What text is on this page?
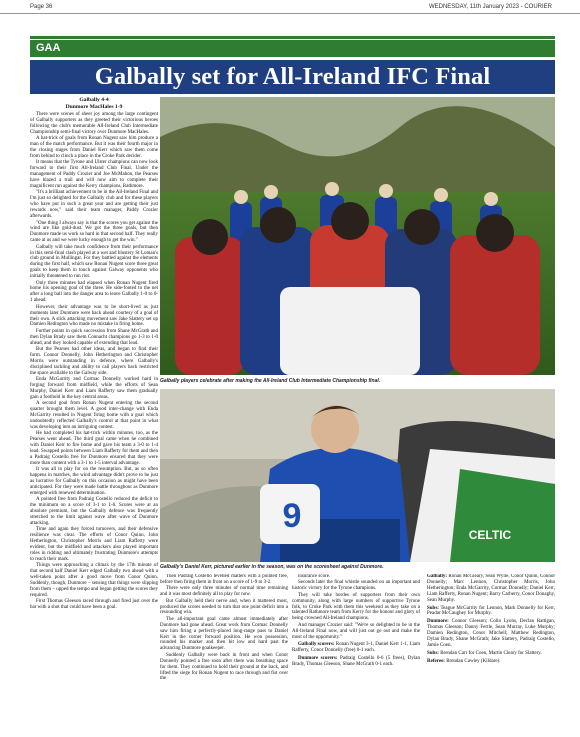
Page 36	WEDNESDAY, 11th January 2023 - COURIER
GAA
Galbally set for All-Ireland IFC Final
Galbally 4-4
Dunmore MacHales 1-9

There were scenes of sheer joy among the large contingent of Galbally supporters as they greeted their victorious heroes following the club's memorable All-Ireland Club Intermediate Championship semi-final victory over Dunmore MacHales.

A hat-trick of goals from Ronan Nugent saw him produce a man of the match performance. But it was their fourth major in the closing stages from Daniel Kerr which saw them come from behind to clinch a place in the Croke Park decider.

It means that the Tyrone and Ulster champions can now look forward to their first All-Ireland Club Final. Under the management of Paddy Crozier and Joe McMahon, the Pearses have blazed a trail and will now aim to complete their magnificent run against the Kerry champions, Rathmore.

"It's a brilliant achievement to be in the All-Ireland Final and I'm just so delighted for the Galbally club and for these players who have put in such a great year and are getting their just rewards now," said their team manager, Paddy Crozier afterwards.

"One thing I always say is that the scores you get against the wind are like gold-dust. We got the three goals, but then Dunmore made us work so hard in that second half. They really came at us and we were lucky enough to get the win."

Galbally will take much confidence from their performance in this semi-final clash played at a wet and blustery St Loman's club ground in Mullingar. For they battled against the elements during the first half, which saw Ronan Nugent score three great goals to keep them in touch against Galway opponents who initially threatened to run riot.

Only three minutes had elapsed when Ronan Nugent fired home his opening goal of the three. He side-footed to the net after a long ball into the danger area to leave Galbally 1-0 to 0-1 ahead.

However, their advantage was to be short-lived as just moments later Dunmore were back ahead courtesy of a goal of their own. A slick attacking movement saw Jake Slattery set up Damien Redington who made no mistake in firing home.

Further points in quick succession from Shane McGrath and then Dylan Brady saw them Connacht champions go 1-3 to 1-0 ahead, and they looked capable of extending that lead.

But the Pearses had other ideas, and began to find their form. Connor Donnelly, John Hetherington and Christopher Morris were outstanding in defence, where Galbally's disciplined tackling and ability to call players back restricted the space available to the Galway side.

Enda McGarrity and Cormac Donnelly worked hard in forging forward from midfield, while the efforts of Sean Murphy, Daniel Kerr and Liam Rafferty saw them gradually gain a foothold in the key central areas.

A second goal from Ronan Nugent entering the second quarter brought them level. A good inter-change with Enda McGarrity resulted in Nugent firing home with a goal which undoubtedly reflected Galbally's control at that point in what was developing into an intriguing contest.

He had completed his hat-trick within minutes, too, as the Pearses went ahead. The third goal came when he combined with Daniel Kerr to fire home and gave his team a 3-0 to 1-4 lead. Swapped points between Liam Rafferty for them and then a Padraig Costello free for Dunmore ensured that they were more than content with a 3-1 to 1-5 interval advantage.

It was all to play for on the resumption. But, as so often happens in matches, the wind advantage didn't prove to be just as lucrative for Galbally on this occasion as might have been anticipated. For they were made battle throughout as Dunmore emerged with renewed determination.

A pointed free from Padraig Costello reduced the deficit to the minimum on a score of 3-1 to 1-6. Scores were at an absolute premium, but the Galbally defence was frequently stretched to the limit against wave after wave of Dunmore attacking.

Time and again they forced turnovers, and their defensive resilience was clear. The efforts of Conor Quinn, John Hetherington, Christopher Morris and Liam Rafferty were evident, but the midfield and attackers also played important roles in ridding and ultimately frustrating Dunmore's attempts to reach their mark.

Things were approaching a climax by the 17th minute of that second half Daniel Kerr edged Galbally two ahead with a well-taken point after a good move from Conor Quinn. Suddenly, though, Dunmore – sensing that things were slipping from them – upped the tempo and began getting the scores they required.

First Thomas Gleeson raced through and fired just over the bar with a shot that could have been a goal.

Galbally players celebrate after making the All-Ireland Club Intermediate Championship final.
9	CELTIC
Galbally's Daniel Kerr, pictured earlier in the season, was on the scoresheet against Dunmore.

Then Padraig Costello levelled matters with a pointed free, before then firing them in front on a score of 1-9 to 3-2.

There were only three minutes of normal time remaining and it was most definitely all to play for now.

But Galbally held their nerve and, when it mattered most, produced the scores needed to turn that one point deficit into a resounding win.

The all-important goal came almost immediately after Dunmore had gone ahead. Great work from Cormac Donnelly saw him firing a perfectly-placed long-range pass to Daniel Kerr in the corner forward position. He won possession, rounded his marker and then hit low and hard past the advancing Dunmore goalkeeper.

Suddenly Galbally were back in front and when Conor Donnelly pointed a free soon after there was breathing space for them. They continued to hold their ground at the back, and lifted the siege for Ronan Nugent to race through and fist over the

insurance score.

Seconds later the final whistle sounded on an important and historic victory for the Tyrone champions.

They will take hordes of supporters from their own community, along with large numbers of supportive Tyrone folk, to Croke Park with them this weekend as they take on a talented Rathmore team from Kerry for the honour and glory of being crowned All-Ireland champions.

And manager Crozier said: "We're so delighted to be in the All-Ireland Final now, and will just out go out and make the most of the opportunity."

Galbally scorers: Ronan Nugent 3-1, Daniel Kerr 1-1, Liam Rafferty, Conor Donnelly (free) 0-1 each.

Dunmore scorers: Padraig Costello 0-6 (5 frees), Dylan Brady, Thomas Gleeson, Shane McGrath 0-1 each.

Galbally: Ronan McGleary, Sean Wylie, Conor Quinn, Connor Donnelly; Marc Lennon, Christopher Morris, John Hetherington; Enda McGarrity, Cormac Donnelly; Daniel Kerr, Liam Rafferty, Ronan Nugent; Barry Carberry, Conor Donaghy, Sean Murphy.

Subs: Teague McGarrity for Lennon, Mark Donnelly for Kerr, Peadar McCaughey for Murphy.

Dunmore: Connor Gleeson; Colin Lyons, Declan Rattigan, Thomas Gleeson; Danny Fertle, Sean Murray, Luke Murphy; Damien Redington, Conor Mitchell; Matthew Redington, Dylan Brady, Shane McGrath; Jake Slattery, Padraig Costello, Jamie Coen.

Subs: Brendan Carr for Coen, Martin Cleary for Slattery.

Referee: Brendan Cawley (Kildare).
